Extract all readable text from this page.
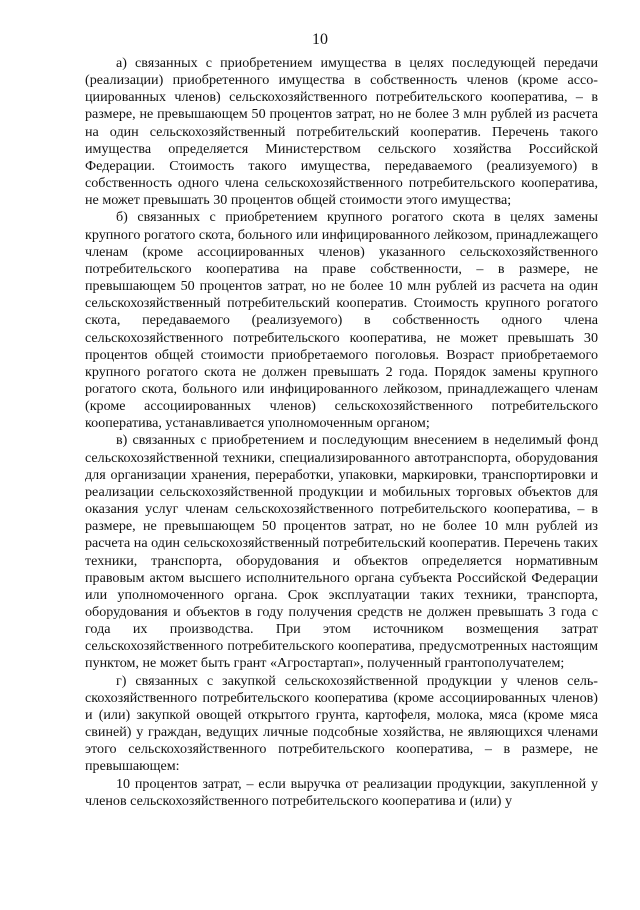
10

а) связанных с приобретением имущества в целях последующей передачи (реализации) приобретенного имущества в собственность членов (кроме ассоциированных членов) сельскохозяйственного потребительского кооператива, – в размере, не превышающем 50 процентов затрат, но не более 3 млн рублей из расчета на один сельскохозяйственный потребительский кооператив. Перечень такого имущества определяется Министерством сельского хозяйства Российской Федерации. Стоимость такого имущества, передаваемого (реализуемого) в собственность одного члена сельскохозяйственного потребительского кооператива, не может превышать 30 процентов общей стоимости этого имущества;

б) связанных с приобретением крупного рогатого скота в целях замены крупного рогатого скота, больного или инфицированного лейкозом, принадлежащего членам (кроме ассоциированных членов) указанного сельскохозяйственного потребительского кооператива на праве собственности, – в размере, не превышающем 50 процентов затрат, но не более 10 млн рублей из расчета на один сельскохозяйственный потребительский кооператив. Стоимость крупного рогатого скота, передаваемого (реализуемого) в собственность одного члена сельскохозяйственного потребительского кооператива, не может превышать 30 процентов общей стоимости приобретаемого поголовья. Возраст приобретаемого крупного рогатого скота не должен превышать 2 года. Порядок замены крупного рогатого скота, больного или инфицированного лейкозом, принадлежащего членам (кроме ассоциированных членов) сельскохозяйственного потребительского кооператива, устанавливается уполномоченным органом;

в) связанных с приобретением и последующим внесением в неделимый фонд сельскохозяйственной техники, специализированного автотранспорта, оборудования для организации хранения, переработки, упаковки, маркировки, транспортировки и реализации сельскохозяйственной продукции и мобильных торговых объектов для оказания услуг членам сельскохозяйственного потребительского кооператива, – в размере, не превышающем 50 процентов затрат, но не более 10 млн рублей из расчета на один сельскохозяйственный потребительский кооператив. Перечень таких техники, транспорта, оборудования и объектов определяется нормативным правовым актом высшего исполнительного органа субъекта Российской Федерации или уполномоченного органа. Срок эксплуатации таких техники, транспорта, оборудования и объектов в году получения средств не должен превышать 3 года с года их производства. При этом источником возмещения затрат сельскохозяйственного потребительского кооператива, предусмотренных настоящим пунктом, не может быть грант «Агростартап», полученный грантополучателем;

г) связанных с закупкой сельскохозяйственной продукции у членов сельскохозяйственного потребительского кооператива (кроме ассоциированных членов) и (или) закупкой овощей открытого грунта, картофеля, молока, мяса (кроме мяса свиней) у граждан, ведущих личные подсобные хозяйства, не являющихся членами этого сельскохозяйственного потребительского кооператива, – в размере, не превышающем:

10 процентов затрат, – если выручка от реализации продукции, закупленной у членов сельскохозяйственного потребительского кооператива и (или) у
